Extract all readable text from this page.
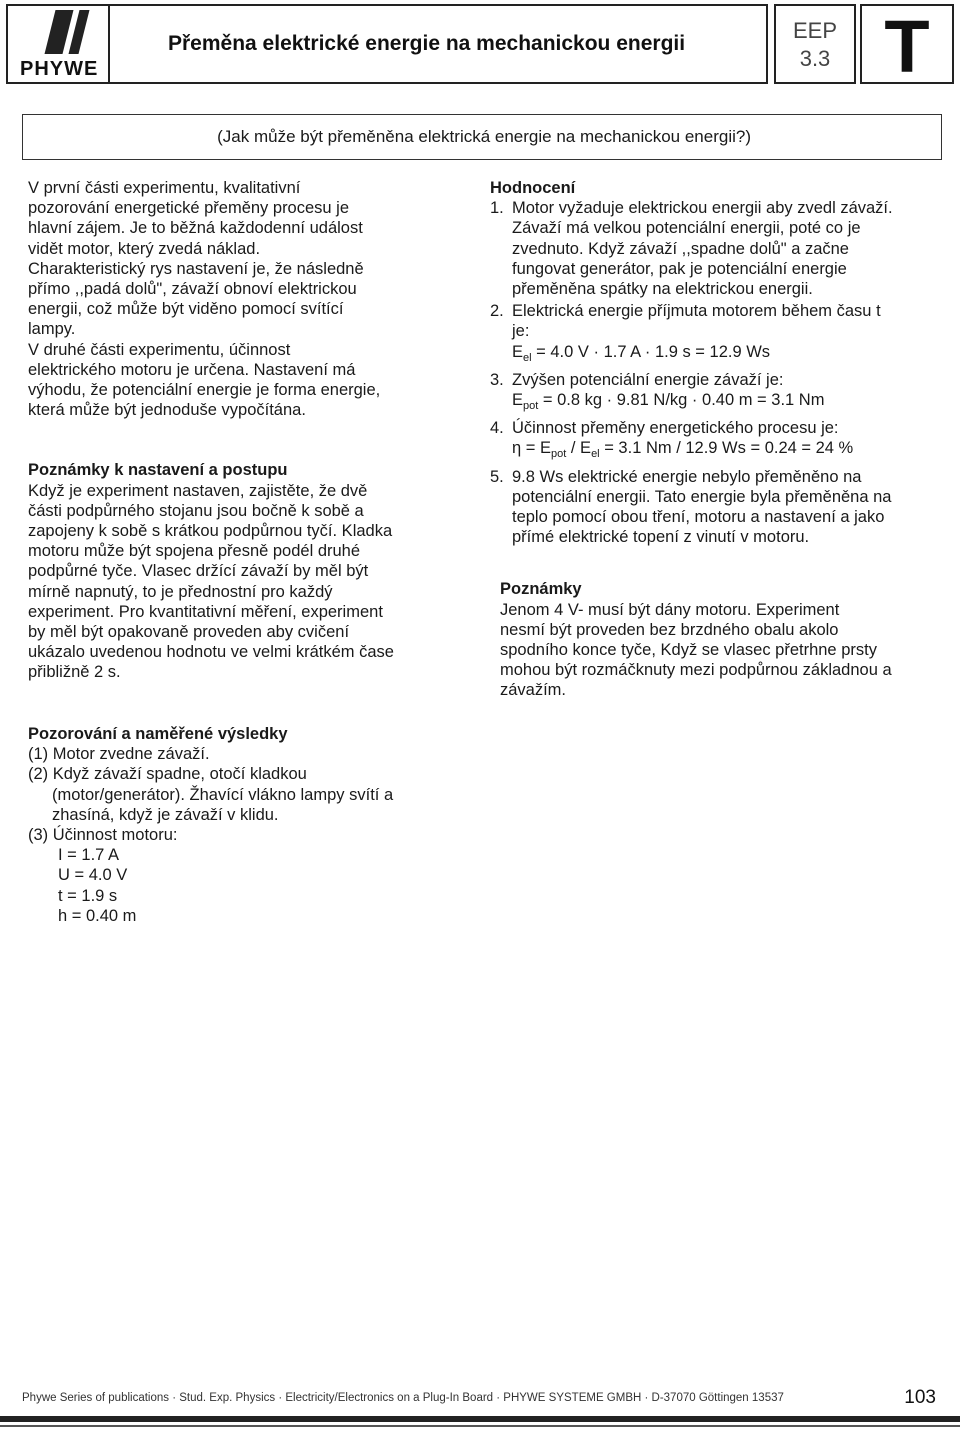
PHYWE
Přeměna elektrické energie na mechanickou energii
EEP
3.3 T
(Jak může být přeměněna elektrická energie na mechanickou energii?)

V první části experimentu, kvalitativní

pozorování energetické přeměny procesu je

hlavní zájem. Je to běžná každodenní událost

vidět motor, který zvedá náklad.

Charakteristický rys nastavení je, že následně

přímo ,,padá dolů", závaží obnoví elektrickou

energii, což může být viděno pomocí svítící

lampy.

V druhé části experimentu, účinnost

elektrického motoru je určena. Nastavení má

výhodu, že potenciální energie je forma energie,

která může být jednoduše vypočítána.

Poznámky k nastavení a postupu

Když je experiment nastaven, zajistěte, že dvě

části podpůrného stojanu jsou bočně k sobě a

zapojeny k sobě s krátkou podpůrnou tyčí. Kladka

motoru může být spojena přesně podél druhé

podpůrné tyče. Vlasec držící závaží by měl být

mírně napnutý, to je přednostní pro každý

experiment. Pro kvantitativní měření, experiment

by měl být opakovaně proveden aby cvičení

ukázalo uvedenou hodnotu ve velmi krátkém čase

přibližně 2 s.

Hodnocení

1. Motor vyžaduje elektrickou energii aby zvedl závaží.

Závaží má velkou potenciální energii, poté co je

zvednuto. Když závaží ,,spadne dolů" a začne

fungovat generátor, pak je potenciální energie

přeměněna spátky na elektrickou energii.

2. Elektrická energie příjmuta motorem během času t

je:

$E_{el} = 4.0$ V · 1.7 A · 1.9 s = 12.9 Ws

3. Zvýšen potenciální energie závaží je:

$E_{pot} = 0.8$ kg · 9.81 N/kg · 0.40 m = 3.1 Nm

4. Účinnost přeměny energetického procesu je:

$\eta = E_{pot} / E_{el} = 3.1$ Nm / 12.9 Ws = 0.24 = 24 %

5. 9.8 Ws elektrické energie nebylo přeměněno na

potenciální energii. Tato energie byla přeměněna na

teplo pomocí obou tření, motoru a nastavení a jako

přímé elektrické topení z vinutí v motoru.

Poznámky

Jenom 4 V- musí být dány motoru. Experiment

nesmí být proveden bez brzdného obalu akolo

spodního konce tyče, Když se vlasec přetrhne prsty

mohou být rozmáčknuty mezi podpůrnou základnou a

závažím.

Pozorování a naměřené výsledky

(1) Motor zvedne závaží.

(2) Když závaží spadne, otočí kladkou

(motor/generátor). Žhavící vlákno lampy svítí a

zhasíná, když je závaží v klidu.

(3) Účinnost motoru:

I = 1.7 A

U = 4.0 V

t = 1.9 s

h = 0.40 m

Phywe Series of publications · Stud. Exp. Physics · Electricity/Electronics on a Plug-In Board · PHYWE SYSTEME GMBH · D-37070 Göttingen 13537	103
